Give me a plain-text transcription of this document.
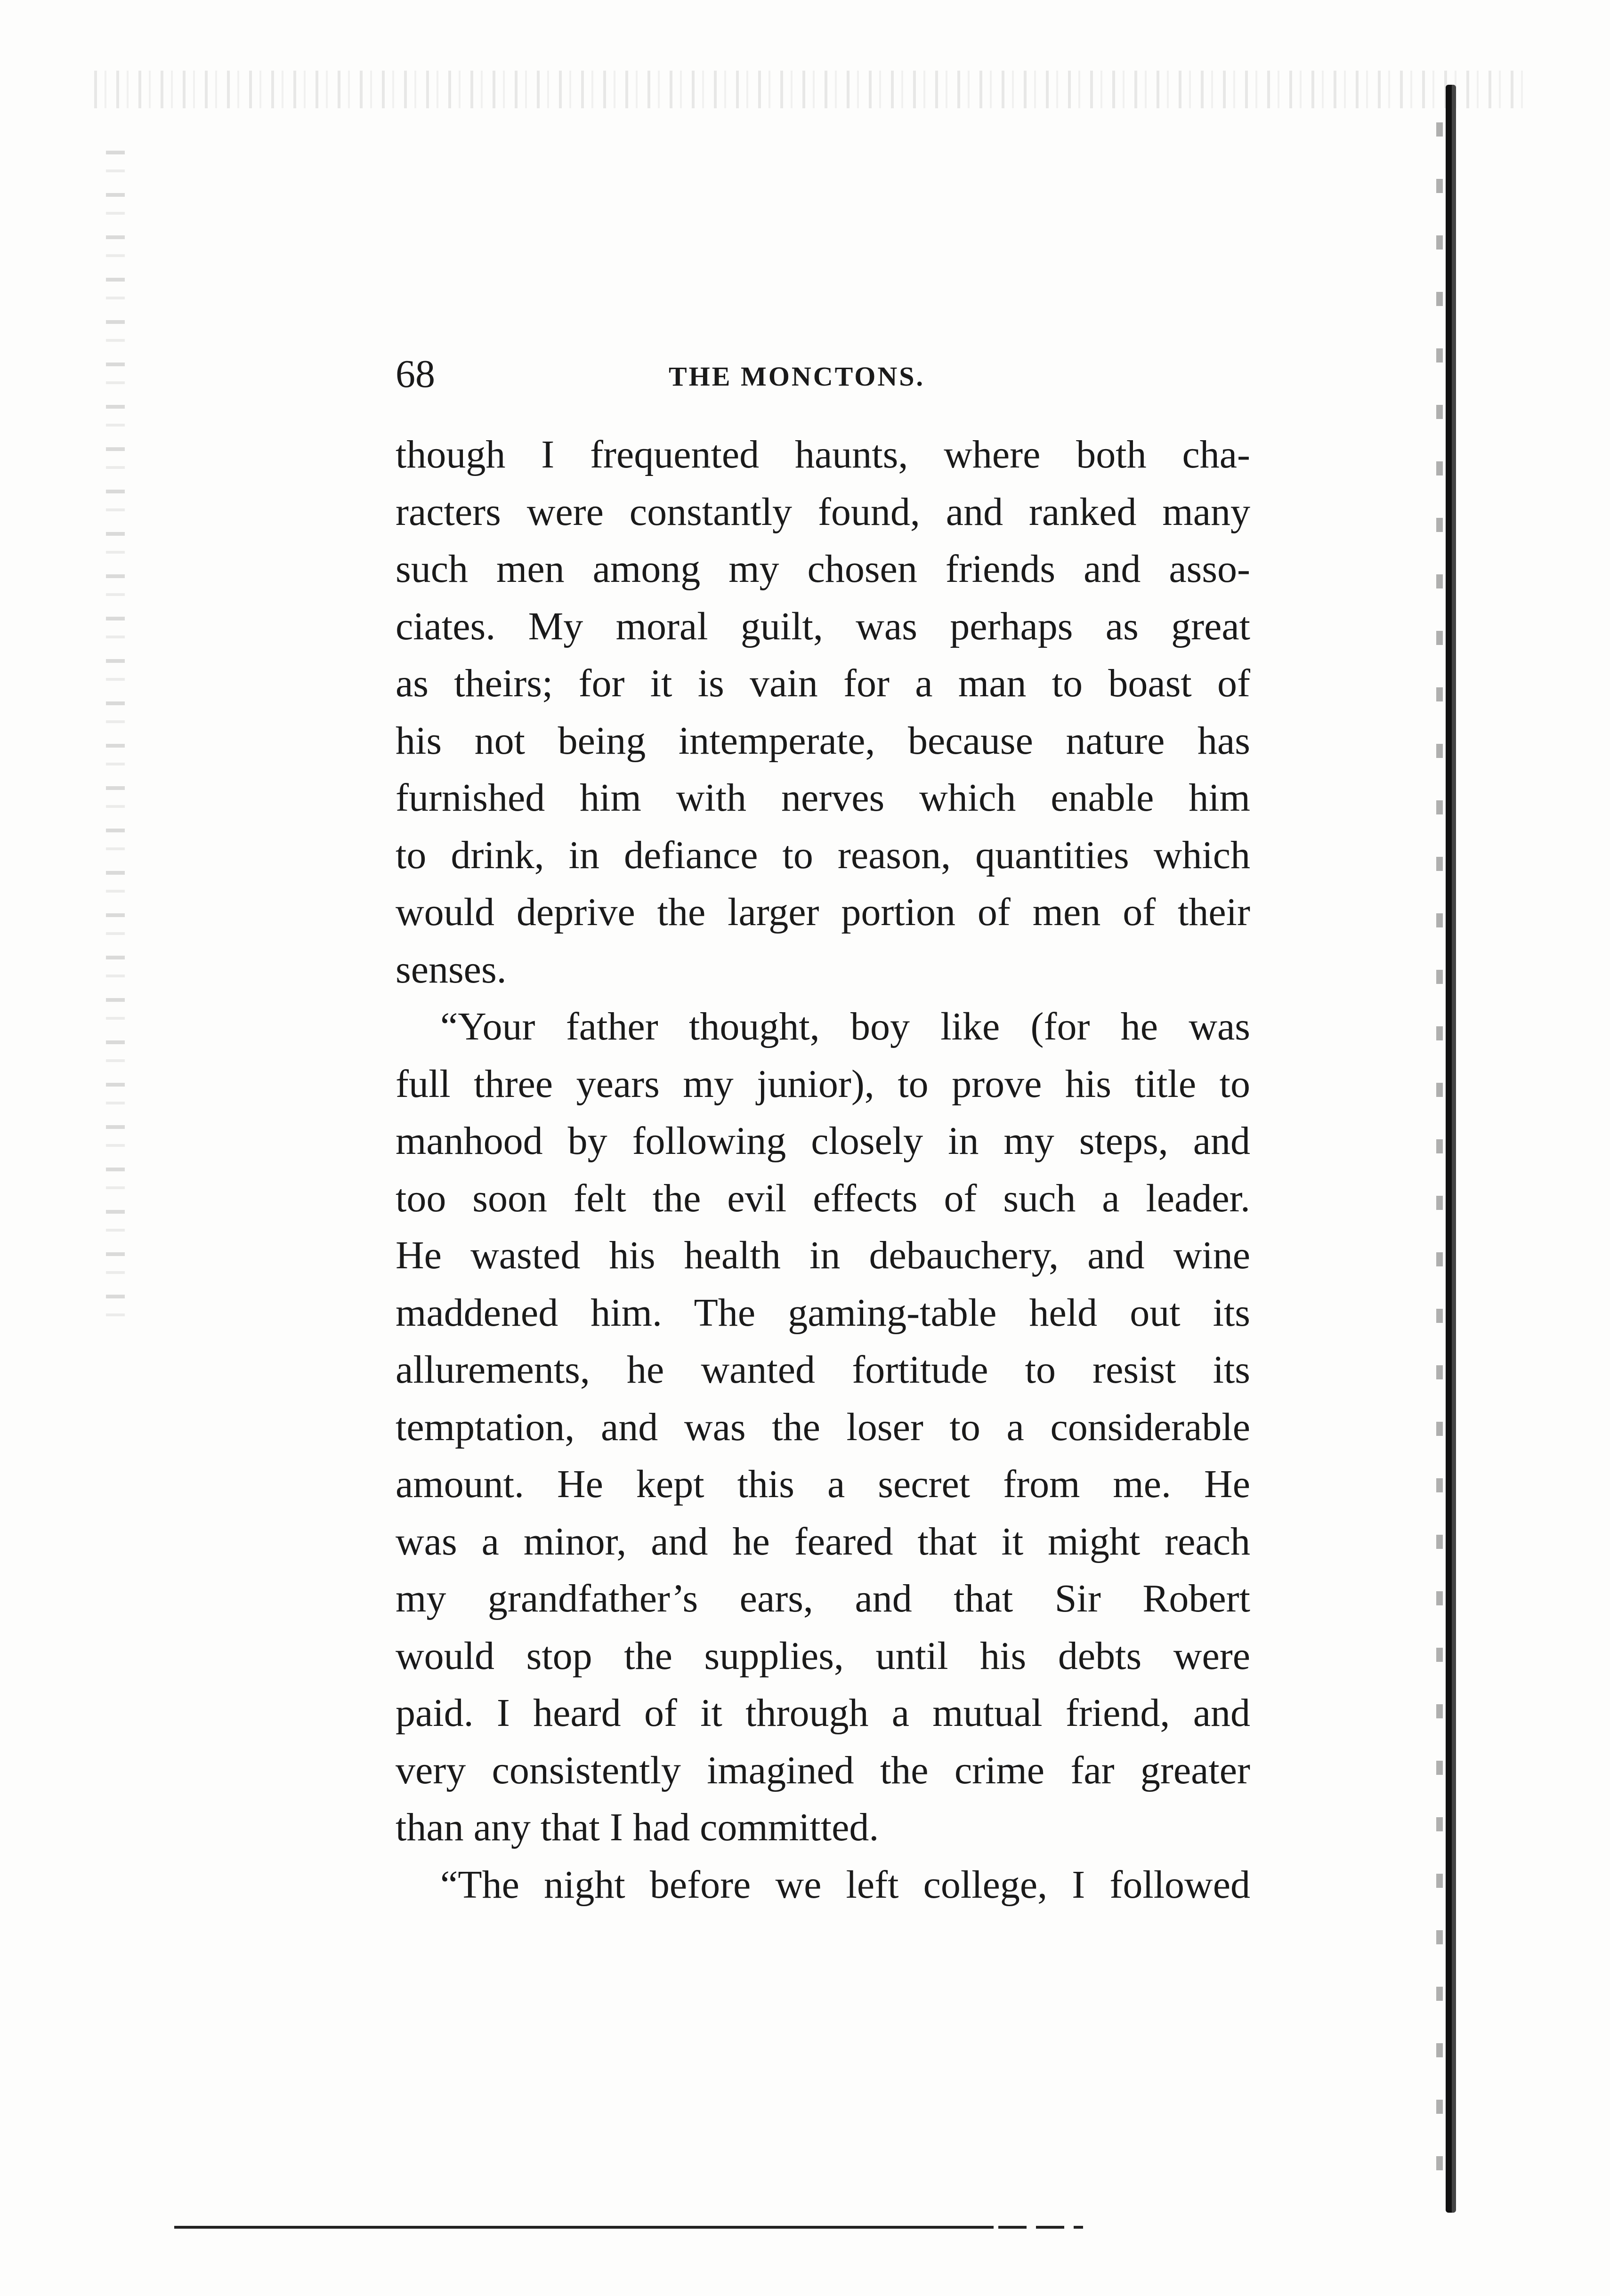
68	THE MONCTONS.
though I frequented haunts, where both cha-
racters were constantly found, and ranked many
such men among my chosen friends and asso-
ciates. My moral guilt, was perhaps as great
as theirs; for it is vain for a man to boast of
his not being intemperate, because nature has
furnished him with nerves which enable him
to drink, in defiance to reason, quantities which
would deprive the larger portion of men of their
senses.
“Your father thought, boy like (for he was
full three years my junior), to prove his title to
manhood by following closely in my steps, and
too soon felt the evil effects of such a leader.
He wasted his health in debauchery, and wine
maddened him. The gaming-table held out its
allurements, he wanted fortitude to resist its
temptation, and was the loser to a considerable
amount. He kept this a secret from me. He
was a minor, and he feared that it might reach
my grandfather’s ears, and that Sir Robert
would stop the supplies, until his debts were
paid. I heard of it through a mutual friend, and
very consistently imagined the crime far greater
than any that I had committed.
“The night before we left college, I followed
